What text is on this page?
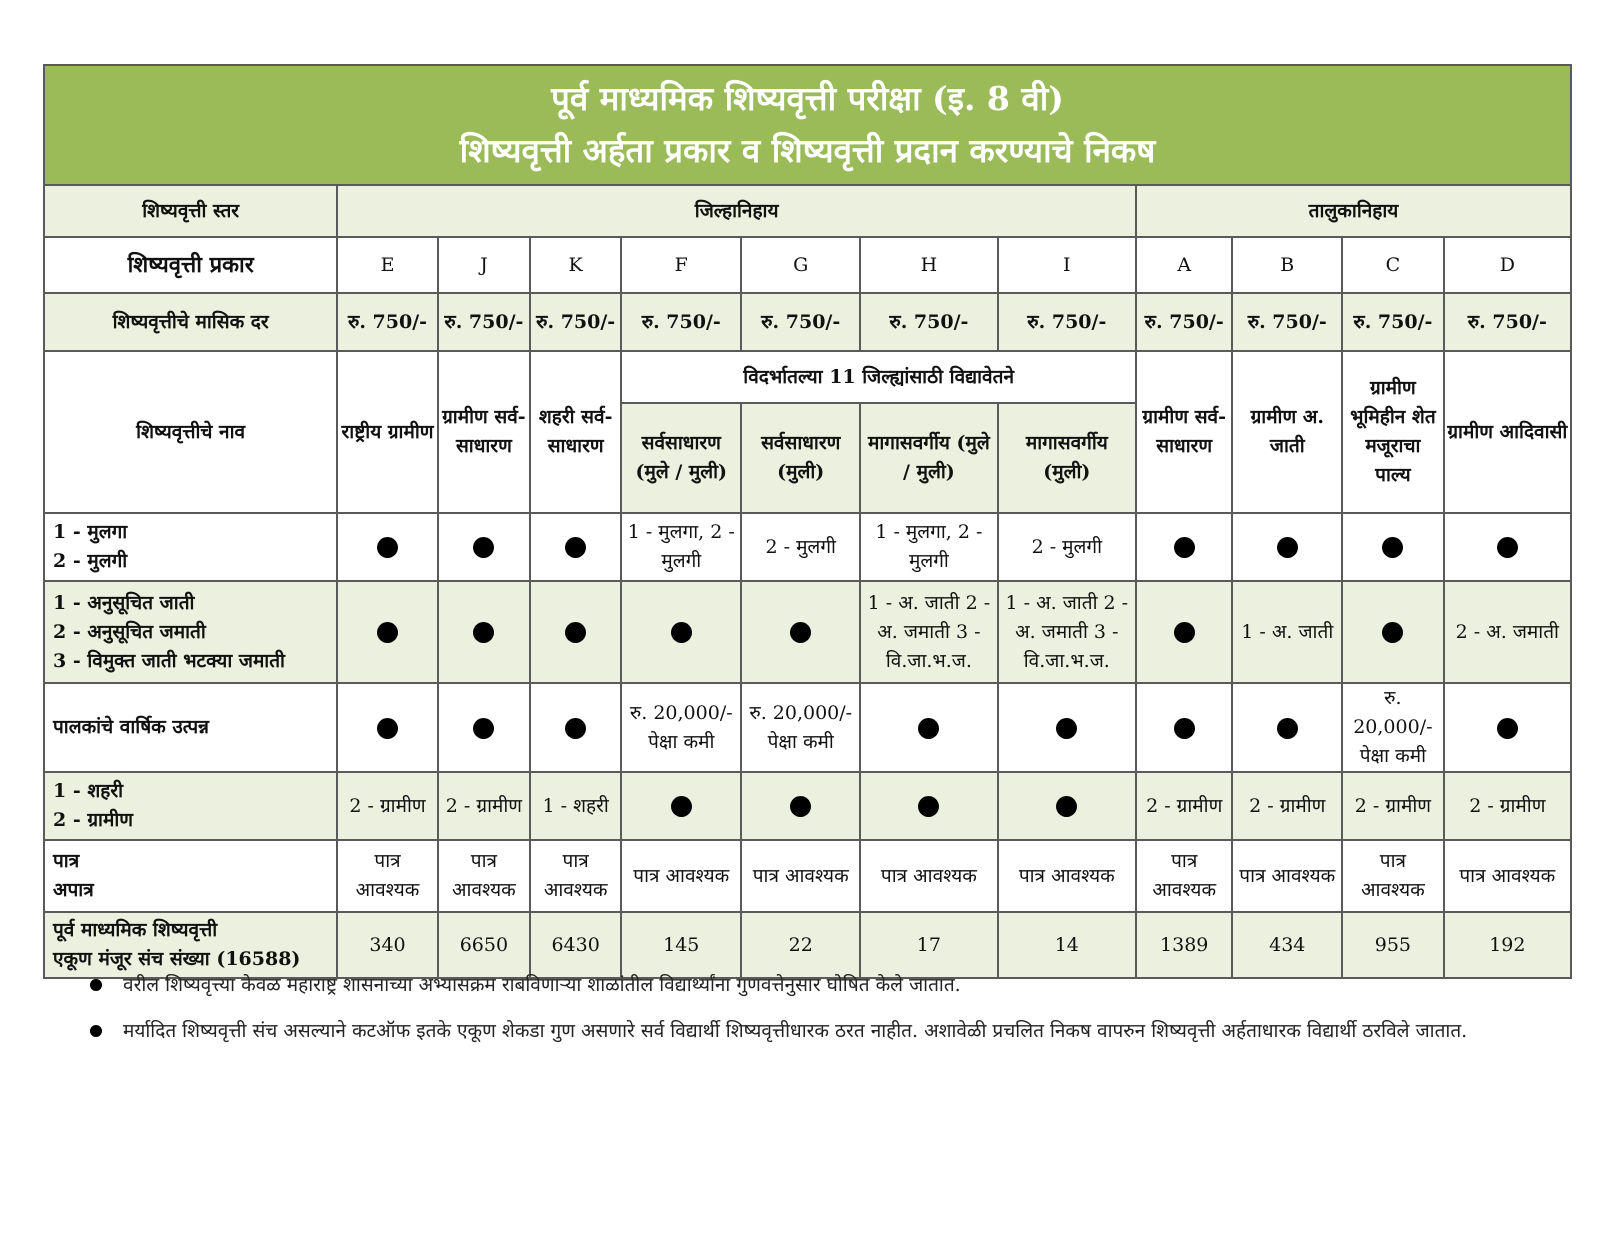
पूर्व माध्यमिक शिष्यवृत्ती परीक्षा (इ. 8 वी)
शिष्यवृत्ती अर्हता प्रकार व शिष्यवृत्ती प्रदान करण्याचे निकष											

शिष्यवृत्ती स्तर	जिल्हानिहाय							तालुकानिहाय			
शिष्यवृत्ती प्रकार	E	J	K	F	G	H	I	A	B	C	D
शिष्यवृत्तीचे मासिक दर	रु. 750/-	रु. 750/-	रु. 750/-	रु. 750/-	रु. 750/-	रु. 750/-	रु. 750/-	रु. 750/-	रु. 750/-	रु. 750/-	रु. 750/-
शिष्यवृत्तीचे नाव	राष्ट्रीय ग्रामीण	ग्रामीण सर्व- साधारण	शहरी सर्व- साधारण	विदर्भातल्या 11 जिल्ह्यांसाठी विद्यावेतने				ग्रामीण सर्व- साधारण	ग्रामीण अ. जाती	ग्रामीण भूमिहीन शेत मजूराचा पाल्य	ग्रामीण आदिवासी
				सर्वसाधारण (मुले / मुली)	सर्वसाधारण (मुली)	मागासवर्गीय (मुले / मुली)	मागासवर्गीय (मुली)				

1 - मुलगा
2 - मुलगी				1 - मुलगा, 2 - मुलगी	2 - मुलगी	1 - मुलगा, 2 - मुलगी	2 - मुलगी				

1 - अनुसूचित जाती
2 - अनुसूचित जमाती
3 - विमुक्त जाती भटक्या जमाती						1 - अ. जाती 2 - अ. जमाती 3 - वि.जा.भ.ज.	1 - अ. जाती 2 - अ. जमाती 3 - वि.जा.भ.ज.		1 - अ. जाती		2 - अ. जमाती

पालकांचे वार्षिक उत्पन्न				रु. 20,000/- पेक्षा कमी	रु. 20,000/- पेक्षा कमी					रु. 20,000/- पेक्षा कमी	

1 - शहरी
2 - ग्रामीण	2 - ग्रामीण	2 - ग्रामीण	1 - शहरी					2 - ग्रामीण	2 - ग्रामीण	2 - ग्रामीण	2 - ग्रामीण

पात्र
अपात्र	पात्र आवश्यक	पात्र आवश्यक	पात्र आवश्यक	पात्र आवश्यक	पात्र आवश्यक	पात्र आवश्यक	पात्र आवश्यक	पात्र आवश्यक	पात्र आवश्यक	पात्र आवश्यक	पात्र आवश्यक

पूर्व माध्यमिक शिष्यवृत्ती
एकूण मंजूर संच संख्या (16588)	340	6650	6430	145	22	17	14	1389	434	955	192
वरील शिष्यवृत्त्या केवळ महाराष्ट्र शासनाच्या अभ्यासक्रम राबविणाऱ्या शाळांतील विद्यार्थ्यांना गुणवत्तेनुसार घोषित केले जातात.
मर्यादित शिष्यवृत्ती संच असल्याने कटऑफ इतके एकूण शेकडा गुण असणारे सर्व विद्यार्थी शिष्यवृत्तीधारक ठरत नाहीत. अशावेळी प्रचलित निकष वापरुन शिष्यवृत्ती अर्हताधारक विद्यार्थी ठरविले जातात.
